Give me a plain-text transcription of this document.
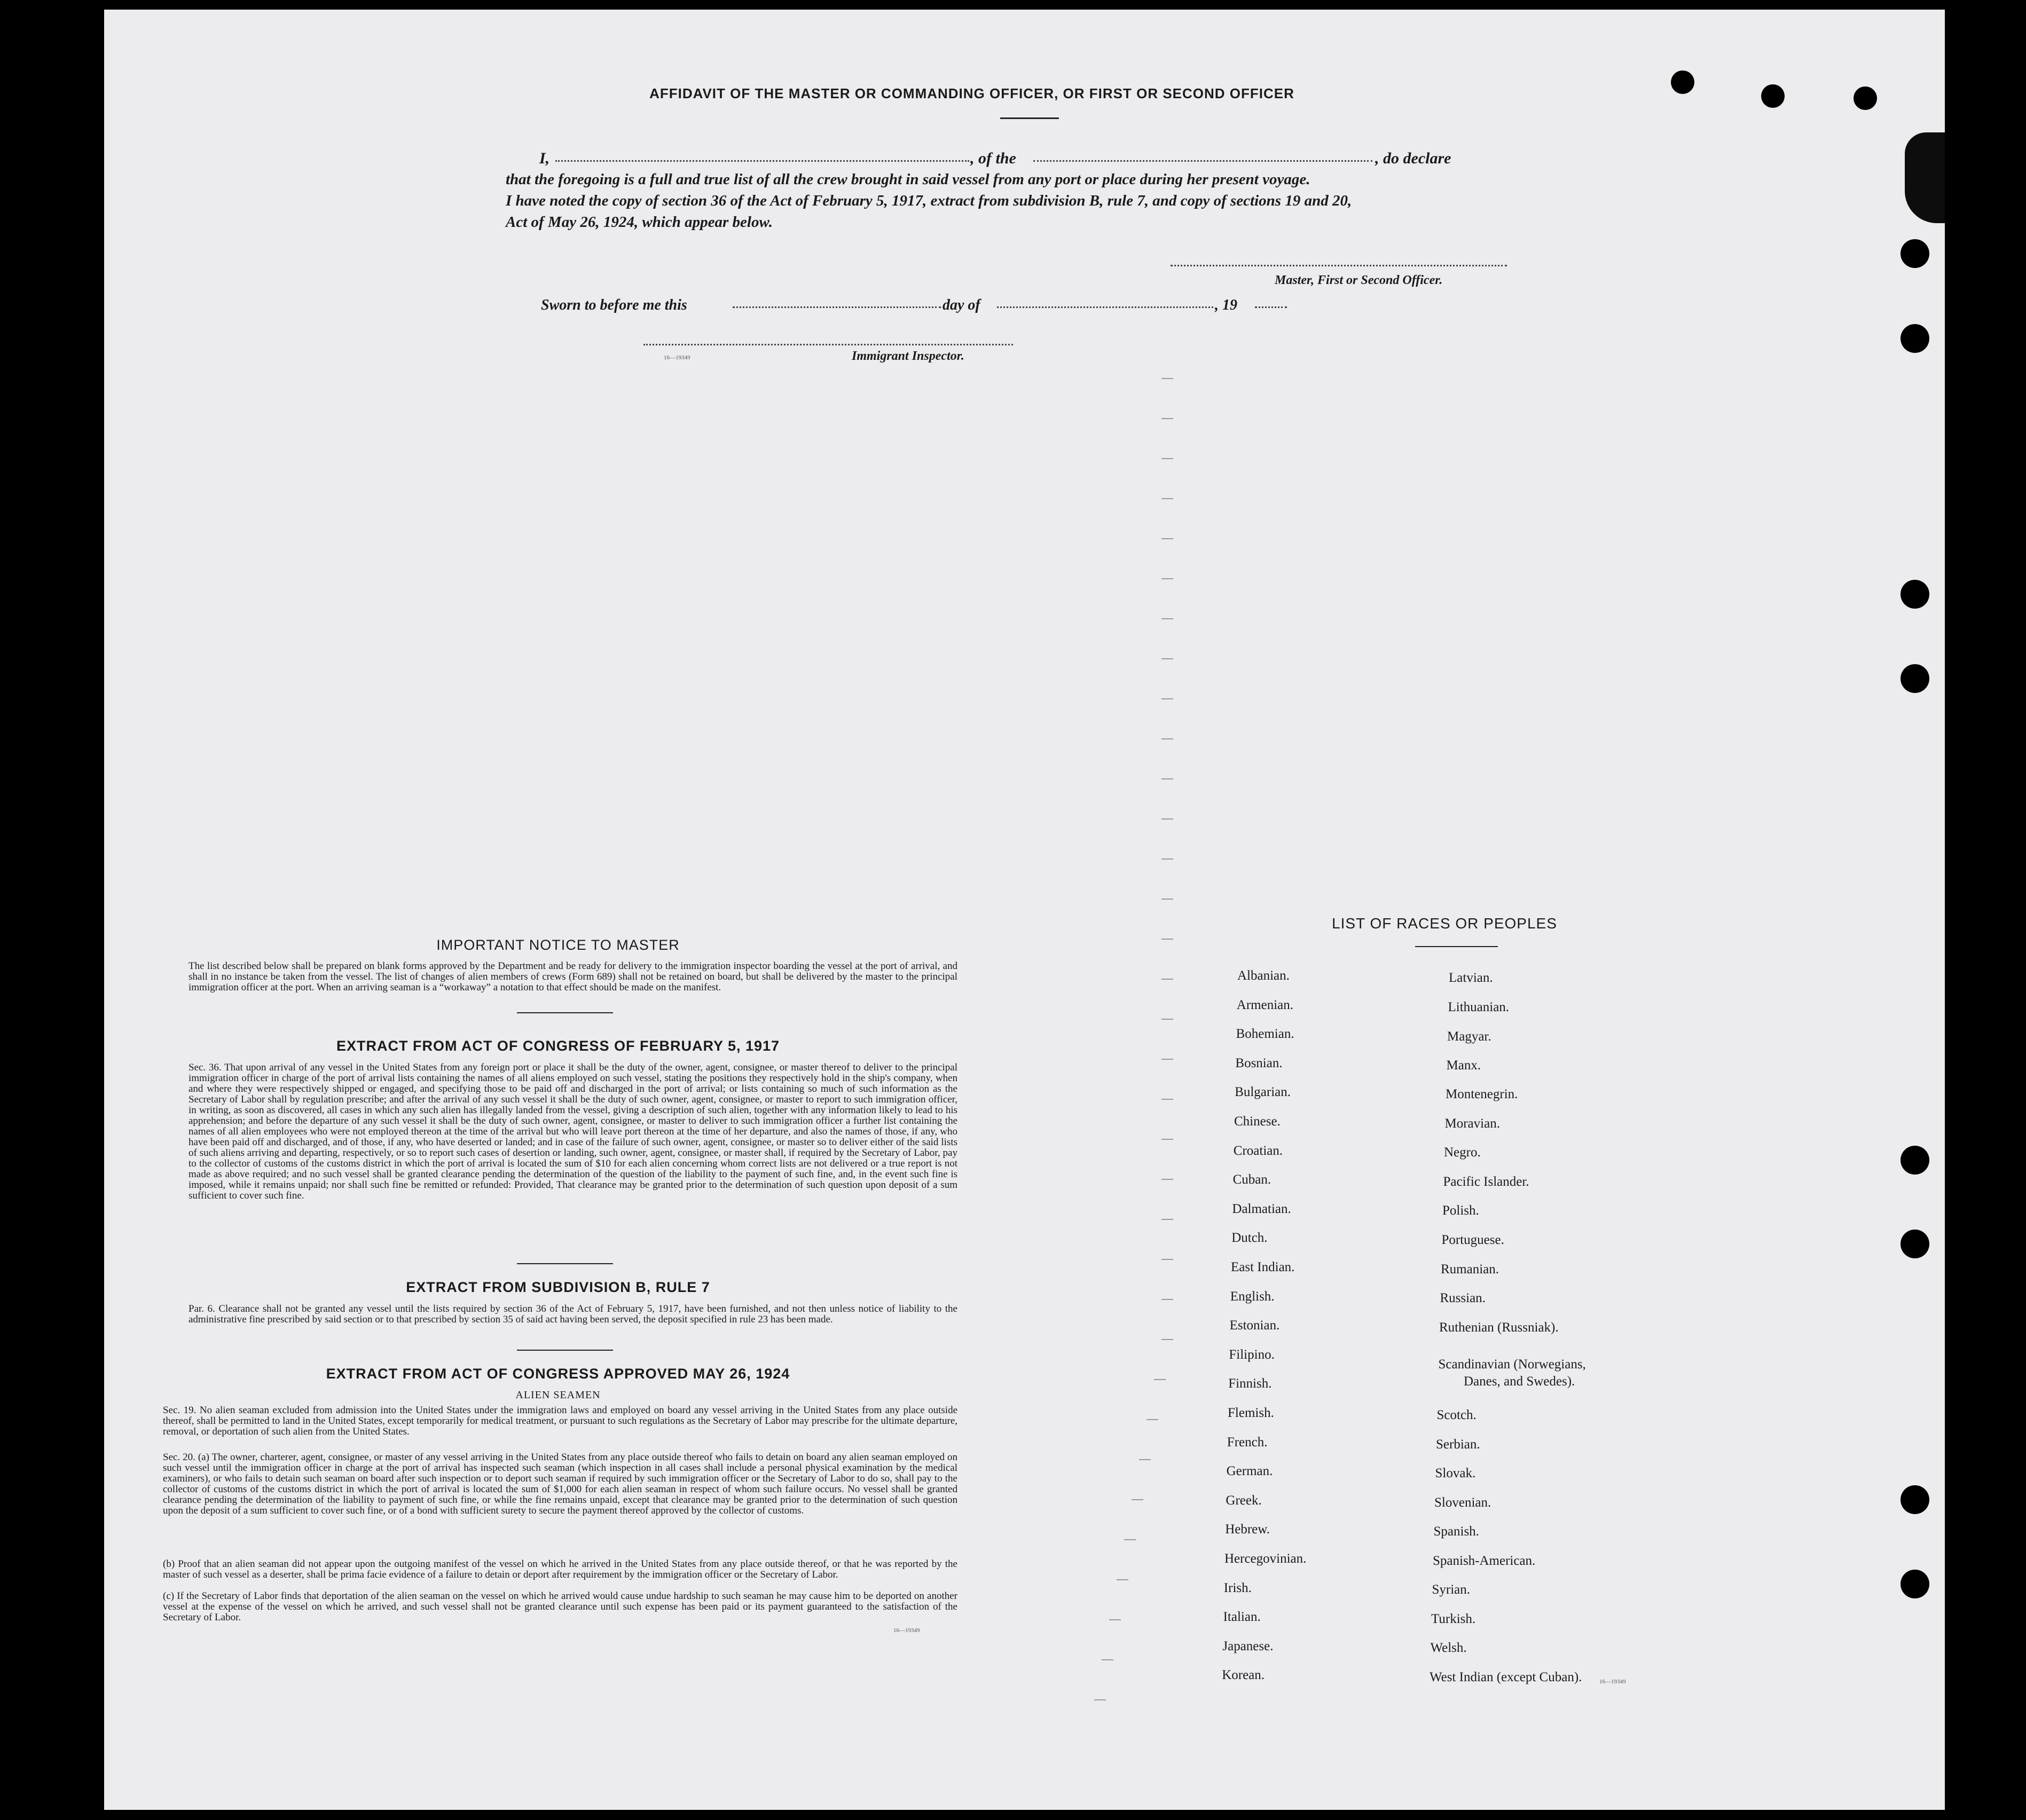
AFFIDAVIT OF THE MASTER OR COMMANDING OFFICER, OR FIRST OR SECOND OFFICER
I,	, of the	, do declare
that the foregoing is a full and true list of all the crew brought in said vessel from any port or place during her present voyage.
I have noted the copy of section 36 of the Act of February 5, 1917, extract from subdivision B, rule 7, and copy of sections 19 and 20,
Act of May 26, 1924, which appear below.
Master, First or Second Officer.
Sworn to before me this	day of	, 19
16—19349	Immigrant Inspector.
IMPORTANT NOTICE TO MASTER
The list described below shall be prepared on blank forms approved by the Department and be ready for delivery to the immigration inspector boarding the vessel at the port of arrival, and shall in no instance be taken from the vessel. The list of changes of alien members of crews (Form 689) shall not be retained on board, but shall be delivered by the master to the principal immigration officer at the port. When an arriving seaman is a “workaway” a notation to that effect should be made on the manifest.
EXTRACT FROM ACT OF CONGRESS OF FEBRUARY 5, 1917
Sec. 36. That upon arrival of any vessel in the United States from any foreign port or place it shall be the duty of the owner, agent, consignee, or master thereof to deliver to the principal immigration officer in charge of the port of arrival lists containing the names of all aliens employed on such vessel, stating the positions they respectively hold in the ship's company, when and where they were respectively shipped or engaged, and specifying those to be paid off and discharged in the port of arrival; or lists containing so much of such information as the Secretary of Labor shall by regulation prescribe; and after the arrival of any such vessel it shall be the duty of such owner, agent, consignee, or master to report to such immigration officer, in writing, as soon as discovered, all cases in which any such alien has illegally landed from the vessel, giving a description of such alien, together with any information likely to lead to his apprehension; and before the departure of any such vessel it shall be the duty of such owner, agent, consignee, or master to deliver to such immigration officer a further list containing the names of all alien employees who were not employed thereon at the time of the arrival but who will leave port thereon at the time of her departure, and also the names of those, if any, who have been paid off and discharged, and of those, if any, who have deserted or landed; and in case of the failure of such owner, agent, consignee, or master so to deliver either of the said lists of such aliens arriving and departing, respectively, or so to report such cases of desertion or landing, such owner, agent, consignee, or master shall, if required by the Secretary of Labor, pay to the collector of customs of the customs district in which the port of arrival is located the sum of $10 for each alien concerning whom correct lists are not delivered or a true report is not made as above required; and no such vessel shall be granted clearance pending the determination of the question of the liability to the payment of such fine, and, in the event such fine is imposed, while it remains unpaid; nor shall such fine be remitted or refunded: Provided, That clearance may be granted prior to the determination of such question upon deposit of a sum sufficient to cover such fine.
EXTRACT FROM SUBDIVISION B, RULE 7
Par. 6. Clearance shall not be granted any vessel until the lists required by section 36 of the Act of February 5, 1917, have been furnished, and not then unless notice of liability to the administrative fine prescribed by said section or to that prescribed by section 35 of said act having been served, the deposit specified in rule 23 has been made.
EXTRACT FROM ACT OF CONGRESS APPROVED MAY 26, 1924
ALIEN SEAMEN
Sec. 19. No alien seaman excluded from admission into the United States under the immigration laws and employed on board any vessel arriving in the United States from any place outside thereof, shall be permitted to land in the United States, except temporarily for medical treatment, or pursuant to such regulations as the Secretary of Labor may prescribe for the ultimate departure, removal, or deportation of such alien from the United States.
Sec. 20. (a) The owner, charterer, agent, consignee, or master of any vessel arriving in the United States from any place outside thereof who fails to detain on board any alien seaman employed on such vessel until the immigration officer in charge at the port of arrival has inspected such seaman (which inspection in all cases shall include a personal physical examination by the medical examiners), or who fails to detain such seaman on board after such inspection or to deport such seaman if required by such immigration officer or the Secretary of Labor to do so, shall pay to the collector of customs of the customs district in which the port of arrival is located the sum of $1,000 for each alien seaman in respect of whom such failure occurs. No vessel shall be granted clearance pending the determination of the liability to payment of such fine, or while the fine remains unpaid, except that clearance may be granted prior to the determination of such question upon the deposit of a sum sufficient to cover such fine, or of a bond with sufficient surety to secure the payment thereof approved by the collector of customs.
(b) Proof that an alien seaman did not appear upon the outgoing manifest of the vessel on which he arrived in the United States from any place outside thereof, or that he was reported by the master of such vessel as a deserter, shall be prima facie evidence of a failure to detain or deport after requirement by the immigration officer or the Secretary of Labor.
(c) If the Secretary of Labor finds that deportation of the alien seaman on the vessel on which he arrived would cause undue hardship to such seaman he may cause him to be deported on another vessel at the expense of the vessel on which he arrived, and such vessel shall not be granted clearance until such expense has been paid or its payment guaranteed to the satisfaction of the Secretary of Labor.
16—19349
LIST OF RACES OR PEOPLES
Albanian.
Armenian.
Bohemian.
Bosnian.
Bulgarian.
Chinese.
Croatian.
Cuban.
Dalmatian.
Dutch.
East Indian.
English.
Estonian.
Filipino.
Finnish.
Flemish.
French.
German.
Greek.
Hebrew.
Hercegovinian.
Irish.
Italian.
Japanese.
Korean.
Latvian.
Lithuanian.
Magyar.
Manx.
Montenegrin.
Moravian.
Negro.
Pacific Islander.
Polish.
Portuguese.
Rumanian.
Russian.
Ruthenian (Russniak).
Scandinavian (Norwegians,
Danes, and Swedes).
Scotch.
Serbian.
Slovak.
Slovenian.
Spanish.
Spanish-American.
Syrian.
Turkish.
Welsh.
West Indian (except Cuban).	16—19349
